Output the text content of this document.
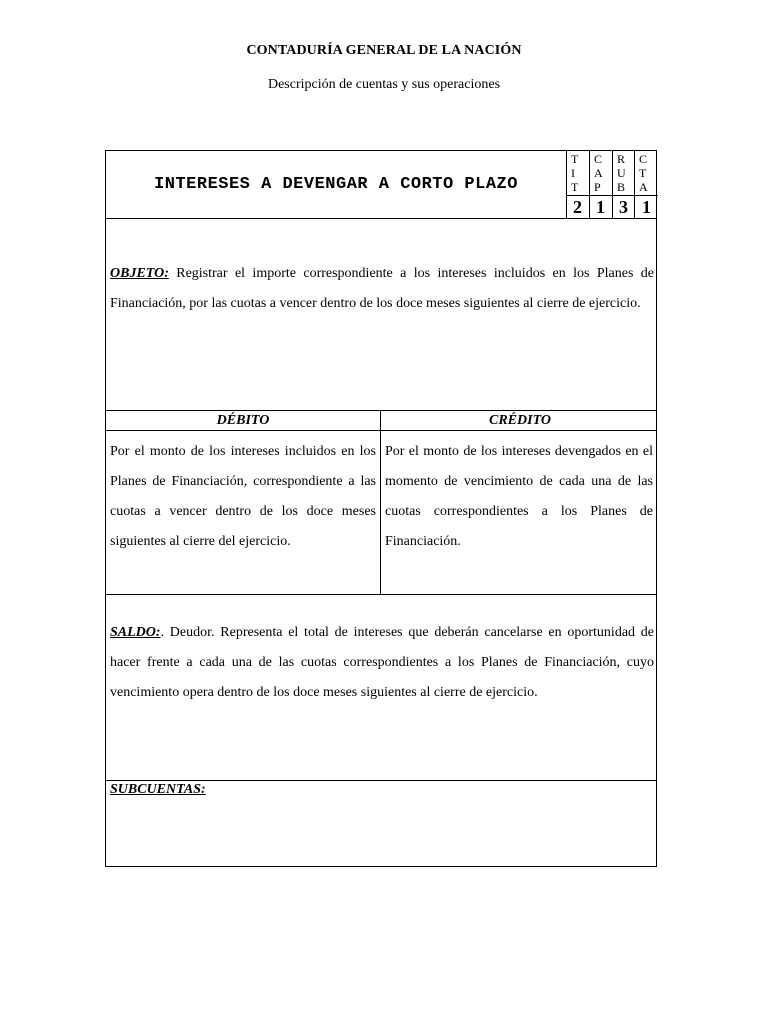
CONTADURÍA GENERAL DE LA NACIÓN
Descripción de cuentas y sus operaciones
INTERESES A DEVENGAR A CORTO PLAZO
T
I
T
C
A
P
R
U
B
C
T
A
2 1 3 1
OBJETO: Registrar el importe correspondiente a los intereses incluidos en los Planes de Financiación, por las cuotas a vencer dentro de los doce meses siguientes al cierre de ejercicio.
DÉBITO	CRÉDITO
Por el monto de los intereses incluidos en los Planes de Financiación, correspondiente a las cuotas a vencer dentro de los doce meses siguientes al cierre del ejercicio.
Por el monto de los intereses devengados en el momento de vencimiento de cada una de las cuotas correspondientes a los Planes de Financiación.
SALDO:. Deudor. Representa el total de intereses que deberán cancelarse en oportunidad de hacer frente a cada una de las cuotas correspondientes a los Planes de Financiación, cuyo vencimiento opera dentro de los doce meses siguientes al cierre de ejercicio.
SUBCUENTAS:
